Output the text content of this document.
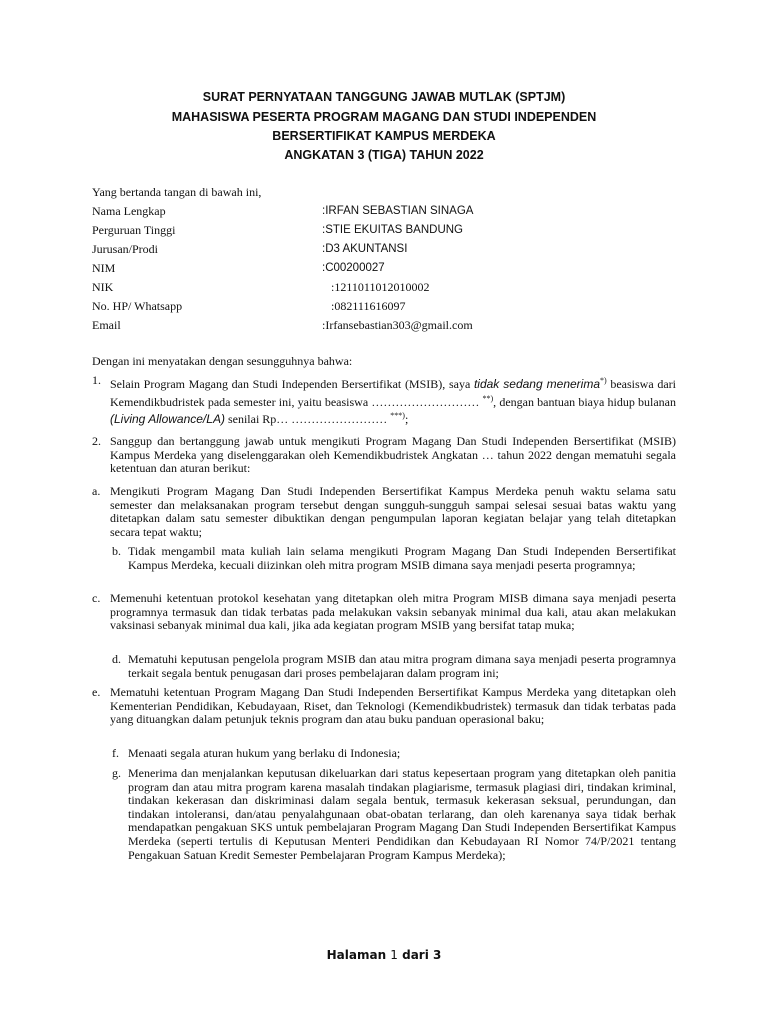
SURAT PERNYATAAN TANGGUNG JAWAB MUTLAK (SPTJM)
MAHASISWA PESERTA PROGRAM MAGANG DAN STUDI INDEPENDEN
BERSERTIFIKAT KAMPUS MERDEKA
ANGKATAN 3 (TIGA) TAHUN 2022
Yang bertanda tangan di bawah ini,
Nama Lengkap	:IRFAN SEBASTIAN SINAGA
Perguruan Tinggi	:STIE EKUITAS BANDUNG
Jurusan/Prodi	:D3 AKUNTANSI
NIM	:C00200027
NIK	:1211011012010002
No. HP/ Whatsapp	:082111616097
Email	:Irfansebastian303@gmail.com
Dengan ini menyatakan dengan sesungguhnya bahwa:
1. Selain Program Magang dan Studi Independen Bersertifikat (MSIB), saya tidak sedang menerima*) beasiswa dari Kemendikbudristek pada semester ini, yaitu beasiswa ……………………… **), dengan bantuan biaya hidup bulanan (Living Allowance/LA) senilai Rp… …………………… ***);
2. Sanggup dan bertanggung jawab untuk mengikuti Program Magang Dan Studi Independen Bersertifikat (MSIB) Kampus Merdeka yang diselenggarakan oleh Kemendikbudristek Angkatan … tahun 2022 dengan mematuhi segala ketentuan dan aturan berikut:
a. Mengikuti Program Magang Dan Studi Independen Bersertifikat Kampus Merdeka penuh waktu selama satu semester dan melaksanakan program tersebut dengan sungguh-sungguh sampai selesai sesuai batas waktu yang ditetapkan dalam satu semester dibuktikan dengan pengumpulan laporan kegiatan belajar yang telah ditetapkan secara tepat waktu;
b. Tidak mengambil mata kuliah lain selama mengikuti Program Magang Dan Studi Independen Bersertifikat Kampus Merdeka, kecuali diizinkan oleh mitra program MSIB dimana saya menjadi peserta programnya;
c. Memenuhi ketentuan protokol kesehatan yang ditetapkan oleh mitra Program MISB dimana saya menjadi peserta programnya termasuk dan tidak terbatas pada melakukan vaksin sebanyak minimal dua kali, atau akan melakukan vaksinasi sebanyak minimal dua kali, jika ada kegiatan program MSIB yang bersifat tatap muka;
d. Mematuhi keputusan pengelola program MSIB dan atau mitra program dimana saya menjadi peserta programnya terkait segala bentuk penugasan dari proses pembelajaran dalam program ini;
e. Mematuhi ketentuan Program Magang Dan Studi Independen Bersertifikat Kampus Merdeka yang ditetapkan oleh Kementerian Pendidikan, Kebudayaan, Riset, dan Teknologi (Kemendikbudristek) termasuk dan tidak terbatas pada yang dituangkan dalam petunjuk teknis program dan atau buku panduan operasional baku;
f. Menaati segala aturan hukum yang berlaku di Indonesia;
g. Menerima dan menjalankan keputusan dikeluarkan dari status kepesertaan program yang ditetapkan oleh panitia program dan atau mitra program karena masalah tindakan plagiarisme, termasuk plagiasi diri, tindakan kriminal, tindakan kekerasan dan diskriminasi dalam segala bentuk, termasuk kekerasan seksual, perundungan, dan tindakan intoleransi, dan/atau penyalahgunaan obat-obatan terlarang, dan oleh karenanya saya tidak berhak mendapatkan pengakuan SKS untuk pembelajaran Program Magang Dan Studi Independen Bersertifikat Kampus Merdeka (seperti tertulis di Keputusan Menteri Pendidikan dan Kebudayaan RI Nomor 74/P/2021 tentang Pengakuan Satuan Kredit Semester Pembelajaran Program Kampus Merdeka);
Halaman 1 dari 3
